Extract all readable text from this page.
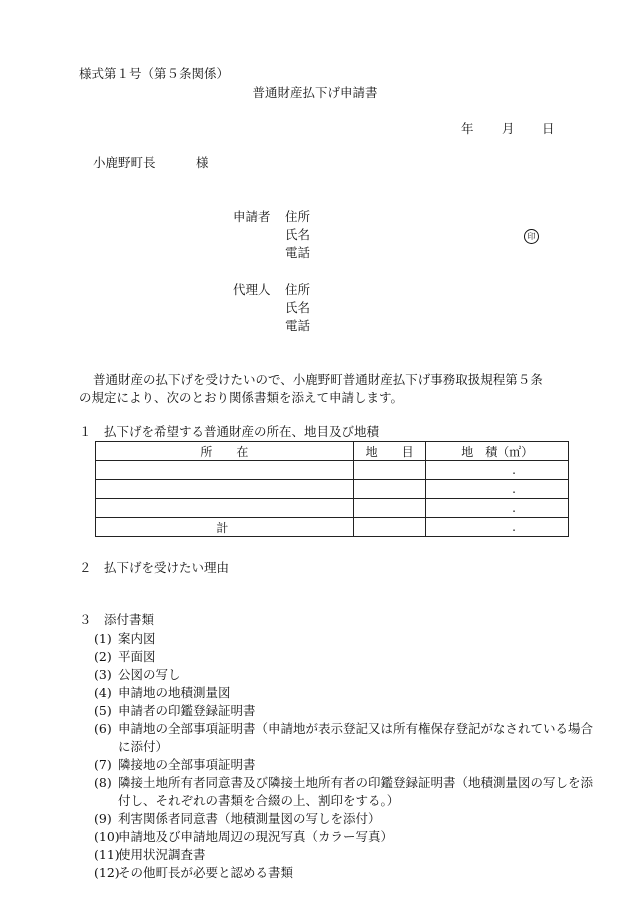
様式第１号（第５条関係）
普通財産払下げ申請書
年 月 日
小鹿野町長	様
申請者 住所
氏名	印
電話
代理人 住所
氏名
電話
普通財産の払下げを受けたいので、小鹿野町普通財産払下げ事務取扱規程第５条
の規定により、次のとおり関係書類を添えて申請します。
１　払下げを希望する普通財産の所在、地目及び地積
所　　在	地　　目	地　積（㎡）
		.
		.
		.
計		.
２　払下げを受けたい理由
３　添付書類
(1) 案内図
(2) 平面図
(3) 公図の写し
(4) 申請地の地積測量図
(5) 申請者の印鑑登録証明書
(6) 申請地の全部事項証明書（申請地が表示登記又は所有権保存登記がなされている場合に添付）
(7) 隣接地の全部事項証明書
(8) 隣接土地所有者同意書及び隣接土地所有者の印鑑登録証明書（地積測量図の写しを添付し、それぞれの書類を合綴の上、割印をする。）
(9) 利害関係者同意書（地積測量図の写しを添付）
(10)
申請地及び申請地周辺の現況写真（カラー写真）
(11)
使用状況調査書
(12)
その他町長が必要と認める書類
